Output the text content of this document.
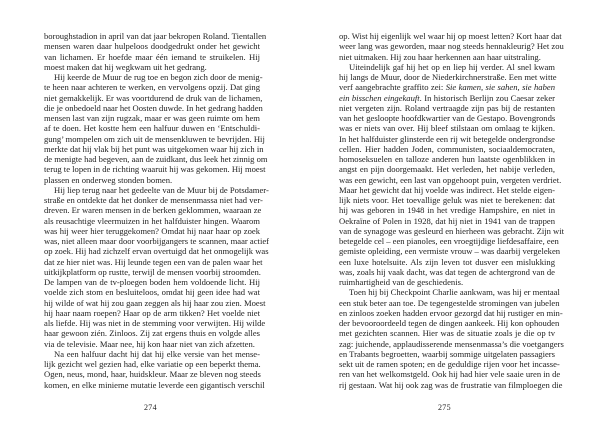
boroughstadion in april van dat jaar bekropen Roland. Tientallen
mensen waren daar hulpeloos doodgedrukt onder het gewicht
van lichamen. Er hoefde maar één iemand te struikelen. Hij
moest maken dat hij wegkwam uit het gedrang.
Hij keerde de Muur de rug toe en begon zich door de menig-
te heen naar achteren te werken, en vervolgens opzij. Dat ging
niet gemakkelijk. Er was voortdurend de druk van de lichamen,
die je onbedoeld naar het Oosten duwde. In het gedrang hadden
mensen last van zijn rugzak, maar er was geen ruimte om hem
af te doen. Het kostte hem een halfuur duwen en ‘Entschuldi-
gung’ mompelen om zich uit de mensenkluwen te bevrijden. Hij
merkte dat hij vlak bij het punt was uitgekomen waar hij zich in
de menigte had begeven, aan de zuidkant, dus leek het zinnig om
terug te lopen in de richting waaruit hij was gekomen. Hij moest
plassen en onderweg stonden bomen.
Hij liep terug naar het gedeelte van de Muur bij de Potsdamer-
straße en ontdekte dat het donker de mensenmassa niet had ver-
dreven. Er waren mensen in de berken geklommen, waaraan ze
als reusachtige vleermuizen in het halfduister hingen. Waarom
was hij weer hier teruggekomen? Omdat hij naar haar op zoek
was, niet alleen maar door voorbijgangers te scannen, maar actief
op zoek. Hij had zichzelf ervan overtuigd dat het onmogelijk was
dat ze hier niet was. Hij leunde tegen een van de palen waar het
uitkijkplatform op rustte, terwijl de mensen voorbij stroomden.
De lampen van de tv-ploegen boden hem voldoende licht. Hij
voelde zich stom en besluiteloos, omdat hij geen idee had wat
hij wilde of wat hij zou gaan zeggen als hij haar zou zien. Moest
hij haar naam roepen? Haar op de arm tikken? Het voelde niet
als liefde. Hij was niet in de stemming voor verwijten. Hij wilde
haar gewoon zién. Zinloos. Zij zat ergens thuis en volgde alles
via de televisie. Maar nee, hij kon haar niet van zich afzetten.
Na een halfuur dacht hij dat hij elke versie van het mense-
lijk gezicht wel gezien had, elke variatie op een beperkt thema.
Ogen, neus, mond, haar, huidskleur. Maar ze bleven nog steeds
komen, en elke minieme mutatie leverde een gigantisch verschil
274
op. Wist hij eigenlijk wel waar hij op moest letten? Kort haar dat
weer lang was geworden, maar nog steeds hennakleurig? Het zou
niet uitmaken. Hij zou haar herkennen aan haar uitstraling.
Uiteindelijk gaf hij het op en liep hij verder. Al snel kwam
hij langs de Muur, door de Niederkirchnerstraße. Een met witte
verf aangebrachte graffito zei: Sie kamen, sie sahen, sie haben
ein bisschen eingekauft. In historisch Berlijn zou Caesar zeker
niet vergeten zijn. Roland vertraagde zijn pas bij de restanten
van het gesloopte hoofdkwartier van de Gestapo. Bovengronds
was er niets van over. Hij bleef stilstaan om omlaag te kijken.
In het halfduister glinsterde een rij wit betegelde ondergrondse
cellen. Hier hadden Joden, communisten, sociaaldemocraten,
homoseksuelen en talloze anderen hun laatste ogenblikken in
angst en pijn doorgemaakt. Het verleden, het nabije verleden,
was een gewicht, een last van opgehoopt puin, vergeten verdriet.
Maar het gewicht dat hij voelde was indirect. Het stelde eigen-
lijk niets voor. Het toevallige geluk was niet te berekenen: dat
hij was geboren in 1948 in het vredige Hampshire, en niet in
Oekraïne of Polen in 1928, dat hij niet in 1941 van de trappen
van de synagoge was gesleurd en hierheen was gebracht. Zijn wit
betegelde cel – een pianoles, een vroegtijdige liefdesaffaire, een
gemiste opleiding, een vermiste vrouw – was daarbij vergeleken
een luxe hotelsuite. Als zijn leven tot dusver een mislukking
was, zoals hij vaak dacht, was dat tegen de achtergrond van de
ruimhartigheid van de geschiedenis.
Toen hij bij Checkpoint Charlie aankwam, was hij er mentaal
een stuk beter aan toe. De tegengestelde stromingen van jubelen
en zinloos zoeken hadden ervoor gezorgd dat hij rustiger en min-
der bevooroordeeld tegen de dingen aankeek. Hij kon ophouden
met gezichten scannen. Hier was de situatie zoals je die op tv
zag: juichende, applaudisserende mensenmassa’s die voetgangers
en Trabants begroetten, waarbij sommige uitgelaten passagiers
sekt uit de ramen spoten; en de geduldige rijen voor het incasse-
ren van het welkomstgeld. Ook hij had hier vele saaie uren in de
rij gestaan. Wat hij ook zag was de frustratie van filmploegen die
275
